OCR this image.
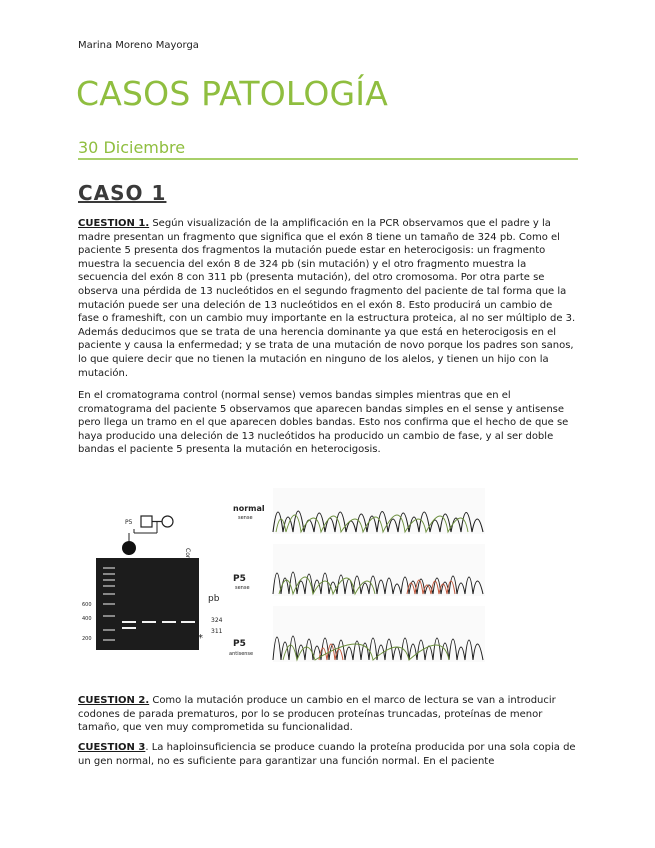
Marina Moreno Mayorga
CASOS PATOLOGÍA
30 Diciembre
CASO 1

CUESTION 1. Según visualización de la amplificación en la PCR observamos que el padre y la madre presentan un fragmento que significa que el exón 8 tiene un tamaño de 324 pb. Como el paciente 5 presenta dos fragmentos la mutación puede estar en heterocigosis: un fragmento muestra la secuencia del exón 8 de 324 pb (sin mutación) y el otro fragmento muestra la secuencia del exón 8 con 311 pb (presenta mutación), del otro cromosoma. Por otra parte se observa una pérdida de 13 nucleótidos en el segundo fragmento del paciente de tal forma que la mutación puede ser una deleción de 13 nucleótidos en el exón 8. Esto producirá un cambio de fase o frameshift, con un cambio muy importante en la estructura proteica, al no ser múltiplo de 3. Además deducimos que se trata de una herencia dominante ya que está en heterocigosis en el paciente y causa la enfermedad; y se trata de una mutación de novo porque los padres son sanos, lo que quiere decir que no tienen la mutación en ninguno de los alelos, y tienen un hijo con la mutación.

En el cromatograma control (normal sense) vemos bandas simples mientras que en el cromatograma del paciente 5 observamos que aparecen bandas simples en el sense y antisense pero llega un tramo en el que aparecen dobles bandas. Esto nos confirma que el hecho de que se haya producido una deleción de 13 nucleótidos ha producido un cambio de fase, y al ser doble bandas el paciente 5 presenta la mutación en heterocigosis.

P5
600
400
200
pb
324
311
*
normal
sense
P5
sense
P5
antisense

CUESTION 2. Como la mutación produce un cambio en el marco de lectura se van a introducir codones de parada prematuros, por lo se producen proteínas truncadas, proteínas de menor tamaño, que ven muy comprometida su funcionalidad.

CUESTION 3. La haploinsuficiencia se produce cuando la proteína producida por una sola copia de un gen normal, no es suficiente para garantizar una función normal. En el paciente
